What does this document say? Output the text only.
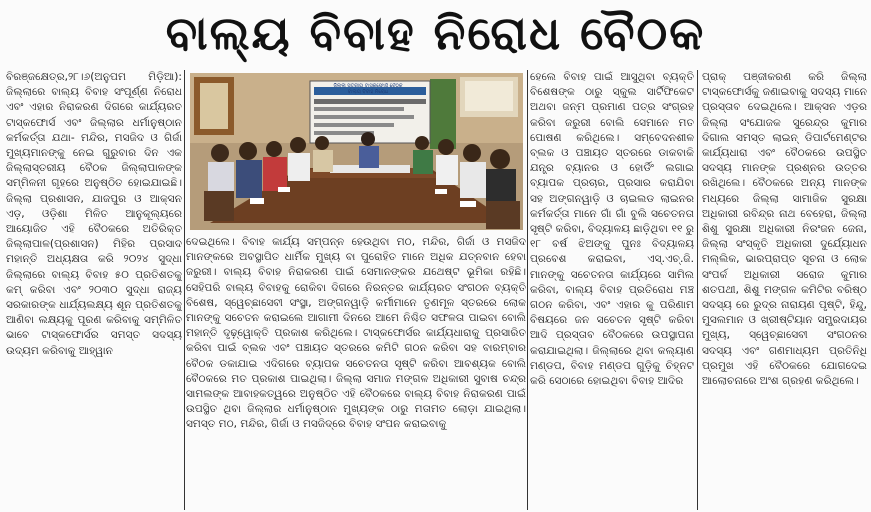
ବାଲ୍ୟ ବିବାହ ନିରୋଧ ବୈଠକ

ବିରଞ୍ଜକ୍ଷେତ୍ର,୨୮।୬(ଅନୁପମ ମିଡ଼ିଆ): ଜିଲ୍ଲାରେ ବାଲ୍ୟ ବିବାହ ସଂପୂର୍ଣ୍ଣ ନିରୋଧ ଏବଂ ଏହାର ନିରାକରଣ ଦିଗରେ କାର୍ଯ୍ୟରତ ଟାସ୍କଫୋର୍ସ ଏବଂ ଜିଲ୍ଲାର ଧର୍ମାନୁଷ୍ଠାନ କର୍ମକର୍ତ୍ତା ଯଥା- ମନ୍ଦିର, ମସଜିଦ ଓ ଗିର୍ଜା ମୁଖ୍ୟମାନଙ୍କୁ ନେଇ ଗୁରୁବାର ଦିନ ଏକ ଜିଲ୍ଲାସ୍ତରୀୟ ବୈଠକ ଜିଲ୍ଲାପାଳଙ୍କ ସମ୍ମିଳନୀ ଗୃହରେ ଅନୁଷ୍ଠିତ ହୋଇଯାଇଛି। ଜିଲ୍ଲା ପ୍ରଶାସନ, ଯାଜପୁର ଓ ଆକ୍ସନ ଏଡ଼, ଓଡ଼ିଶା ମିଳିତ ଆନୁକୂଲ୍ୟରେ ଆୟୋଜିତ ଏହି ବୈଠକରେ ଅତିରିକ୍ତ ଜିଲ୍ଲାପାଳ(ପ୍ରଶାସନ) ମିହିର ପ୍ରସାଦ ମହାନ୍ତି ଅଧ୍ୟକ୍ଷତା କରି ୨୦୨୪ ସୁଦ୍ଧା ଜିଲ୍ଲାରେ ବାଲ୍ୟ ବିବାହ ୫୦ ପ୍ରତିଶତକୁ କମ୍ କରିବା ଏବଂ ୨୦୩୦ ସୁଦ୍ଧା ରାଜ୍ୟ ସରକାରଙ୍କ ଧାର୍ଯ୍ୟଲକ୍ଷ୍ୟ ଶୂନ ପ୍ରତିଶତକୁ ଆଣିବା ଲକ୍ଷ୍ୟକୁ ପୂରଣ କରିବାକୁ ସମ୍ମିଳିତ ଭାବେ ଟାସ୍କଫୋର୍ସର ସମସ୍ତ ସଦସ୍ୟ ଉଦ୍ୟମ କରିବାକୁ ଆହ୍ୱାନ

ଦେଇଥିଲେ। ବିବାହ କାର୍ଯ୍ୟ ସମ୍ପନ୍ନ ହେଉଥିବା ମଠ, ମନ୍ଦିର, ଗିର୍ଜା ଓ ମସଜିଦ ମାନଙ୍କରେ ଅବସ୍ଥାପିତ ଧାର୍ମିକ ମୁଖ୍ୟ ବା ପୁରୋହିତ ମାନେ ଅଧିକ ଯତ୍ନବାନ ହେବା ଜରୁରୀ। ବାଲ୍ୟ ବିବାହ ନିରାକରଣ ପାଇଁ ସେମାନଙ୍କର ଯଥେଷ୍ଟ ଭୂମିକା ରହିଛି। ସେହିପରି ବାଲ୍ୟ ବିବାହକୁ ରୋକିବା ଦିଗରେ ନିରନ୍ତର କାର୍ଯ୍ୟରତ ସଂଗଠନ ବ୍ୟକ୍ତି ବିଶେଷ, ସ୍ୱେଚ୍ଛାସେବୀ ସଂସ୍ଥା, ଅଙ୍ଗନୱାଡ଼ି କର୍ମୀମାନେ ତୃଣମୂଳ ସ୍ତରରେ ଲୋକ ମାନଙ୍କୁ ସଚେତନ କରାଇଲେ ଆଗାମୀ ଦିନରେ ଆମେ ନିଶ୍ଚିତ ସଫଳତା ପାଇବା ବୋଲି ମହାନ୍ତି ଦୃଢ଼୍ୱୋକ୍ତି ପ୍ରକାଶ କରିଥିଲେ। ଟାସ୍କଫୋର୍ସର କାର୍ଯ୍ୟଧାରାକୁ ପ୍ରସାରିତ କରିବା ପାଇଁ ବ୍ଲକ ଏବଂ ପଞ୍ଚାୟତ ସ୍ତରରେ କମିଟି ଗଠନ କରିବା ସହ ବାରମ୍ବାର ବୈଠକ ଡକାଯାଇ ଏଦିଗରେ ବ୍ୟାପକ ସଚେତନତା ସୃଷ୍ଟି କରିବା ଆବଶ୍ୟକ ବୋଲି ବୈଠକରେ ମତ ପ୍ରକାଶ ପାଇଥିଲା। ଜିଲ୍ଲା ସମାଜ ମଙ୍ଗଳ ଅଧିକାରୀ ସୁବାଷ ଚନ୍ଦ୍ର ସାମଲଙ୍କ ଆବାହକତ୍ୱରେ ଅନୁଷ୍ଠିତ ଏହି ବୈଠକରେ ବାଲ୍ୟ ବିବାହ ନିରାକରଣ ପାଇଁ ଉପସ୍ଥିତ ଥିବା ଜିଲ୍ଲାର ଧର୍ମାନୁଷ୍ଠାନ ମୁଖ୍ୟଙ୍କ ଠାରୁ ମତାମତ ଲୋଡ଼ା ଯାଇଥିଲା। ସମସ୍ତ ମଠ, ମନ୍ଦିର, ଗିର୍ଜା ଓ ମସଜିଦ୍‌ରେ ବିବାହ ସଂପନ କରାଇବାକୁ

ହେଲେ ବିବାହ ପାଇଁ ଆସୁଥିବା ବ୍ୟକ୍ତି ବିଶେଷଙ୍କ ଠାରୁ ସ୍କୁଲ ସାର୍ଟିଫିକେଟ ଅଥବା ଜନ୍ମ ପ୍ରମାଣ ପତ୍ର ସଂଗ୍ରହ କରିବା ଜରୁରୀ ବୋଲି ସେମାନେ ମତ ପୋଷଣ କରିଥିଲେ। ସମ୍ବେଦନଶୀଳ ବ୍ଲକ ଓ ପଞ୍ଚାୟତ ସ୍ତରରେ ଡାକବାକି ଯନ୍ତ୍ର ବ୍ୟାନର ଓ ହୋର୍ଡିଂ ଲଗାଇ ବ୍ୟାପକ ପ୍ରଚାର, ପ୍ରସାର କରାଯିବା ସହ ଅଙ୍ଗନୱାଡ଼ି ଓ ଚାଇଲଡ ଲାଇନର କର୍ମକର୍ତ୍ତା ମାନେ ଗାଁ ଗାଁ ବୁଲି ସଚେତନତା ସୃଷ୍ଟି କରିବା, ବିଦ୍ୟାଳୟ ଛାଡ଼ିଥିବା ୧୧ ରୁ ୧୮ ବର୍ଷ ଝିଅଙ୍କୁ ପୁନଃ ବିଦ୍ୟାଳୟ ପ୍ରବେଶ କରାଇବା, ଏସ୍.ଏଚ୍.ଜି. ମାନଙ୍କୁ ସଚେତନତା କାର୍ଯ୍ୟରେ ସାମିଲ କରିବା, ବାଲ୍ୟ ବିବାହ ପ୍ରତିରୋଧ ମଞ୍ଚ ଗଠନ କରିବା, ଏବଂ ଏହାର କୁ ପରିଣାମ ବିଷୟରେ ଜନ ସଚେତନ ସୃଷ୍ଟି କରିବା ଆଦି ପ୍ରସ୍ତାବ ବୈଠକରେ ଉପସ୍ଥାପନା କରାଯାଇଥିଲା। ଜିଲ୍ଲାରେ ଥିବା କଲ୍ୟାଣ ମଣ୍ଡପ, ବିବାହ ମଣ୍ଡପ ଗୁଡ଼ିକୁ ଚିହ୍ନଟ କରି ସେଠାରେ ହୋଇଥିବା ବିବାହ ଆଦିର

ପ୍ରାକ୍ ପଞ୍ଜୀକରଣ କରି ଜିଲ୍ଲା ଟାସ୍କଫୋର୍ସକୁ ଜଣାଇବାକୁ ସଦସ୍ୟ ମାନେ ପ୍ରସ୍ତାବ ଦେଇଥିଲେ। ଆକ୍ସନ ଏଡ଼ର ଜିଲ୍ଲା ସଂଯୋଜକ ସୁରେନ୍ଦ୍ର କୁମାର ଦିଗାଲ ସମସ୍ତ ଲାଇନ୍ ଡିପାର୍ଟମେଣ୍ଟର କାର୍ଯ୍ୟଧାରା ଏବଂ ବୈଠକରେ ଉପସ୍ଥିତ ସଦସ୍ୟ ମାନଙ୍କ ପ୍ରଶ୍ନର ଉତ୍ତର ରଖିଥିଲେ। ବୈଠକରେ ଅନ୍ୟ ମାନଙ୍କ ମଧ୍ୟରେ ଜିଲ୍ଲା ସାମାଜିକ ସୁରକ୍ଷା ଅଧିକାରୀ ରବିନ୍ଦ୍ର ନାଥ ବେହେରା, ଜିଲ୍ଲା ଶିଶୁ ସୁରକ୍ଷା ଅଧିକାରୀ ନିରଂଜନ ଜେନା, ଜିଲ୍ଲା ସଂସ୍କୃତି ଅଧିକାରୀ ଦୁର୍ଯ୍ୟୋଧନ ମଲ୍ଲିକ, ଭାରପ୍ରାପ୍ତ ସୂଚନା ଓ ଲୋକ ସଂପର୍କ ଅଧିକାରୀ ସରୋଜ କୁମାର ଶତପଥୀ, ଶିଶୁ ମଙ୍ଗଳ କମିଟିର ବରିଷ୍ଠ ସଦସ୍ୟ ରେ ରୁଦ୍ର ନାରାୟଣ ପୃଷ୍ଟି, ହିନ୍ଦୁ, ମୁସଲମାନ ଓ ଖ୍ରୀଷ୍ଟିୟାନ ସମ୍ପ୍ରଦାୟର ମୁଖ୍ୟ, ସ୍ୱେଚ୍ଛାସେବୀ ସଂଗଠନର ସଦସ୍ୟ ଏବଂ ଗଣମାଧ୍ୟମ ପ୍ରତିନିଧି ପ୍ରମୁଖ ଏହି ବୈଠକରେ ଯୋଗଦେଇ ଆଲୋଚନାରେ ଅଂଶ ଗ୍ରହଣ କରିଥିଲେ।

ଜିଲ୍ଲା ସ୍ତରୀୟ ଟାସ୍କଫୋର୍ସ ବୈଠକ
ବାଲ୍ୟ ବିବାହ ନିରୋଧ
